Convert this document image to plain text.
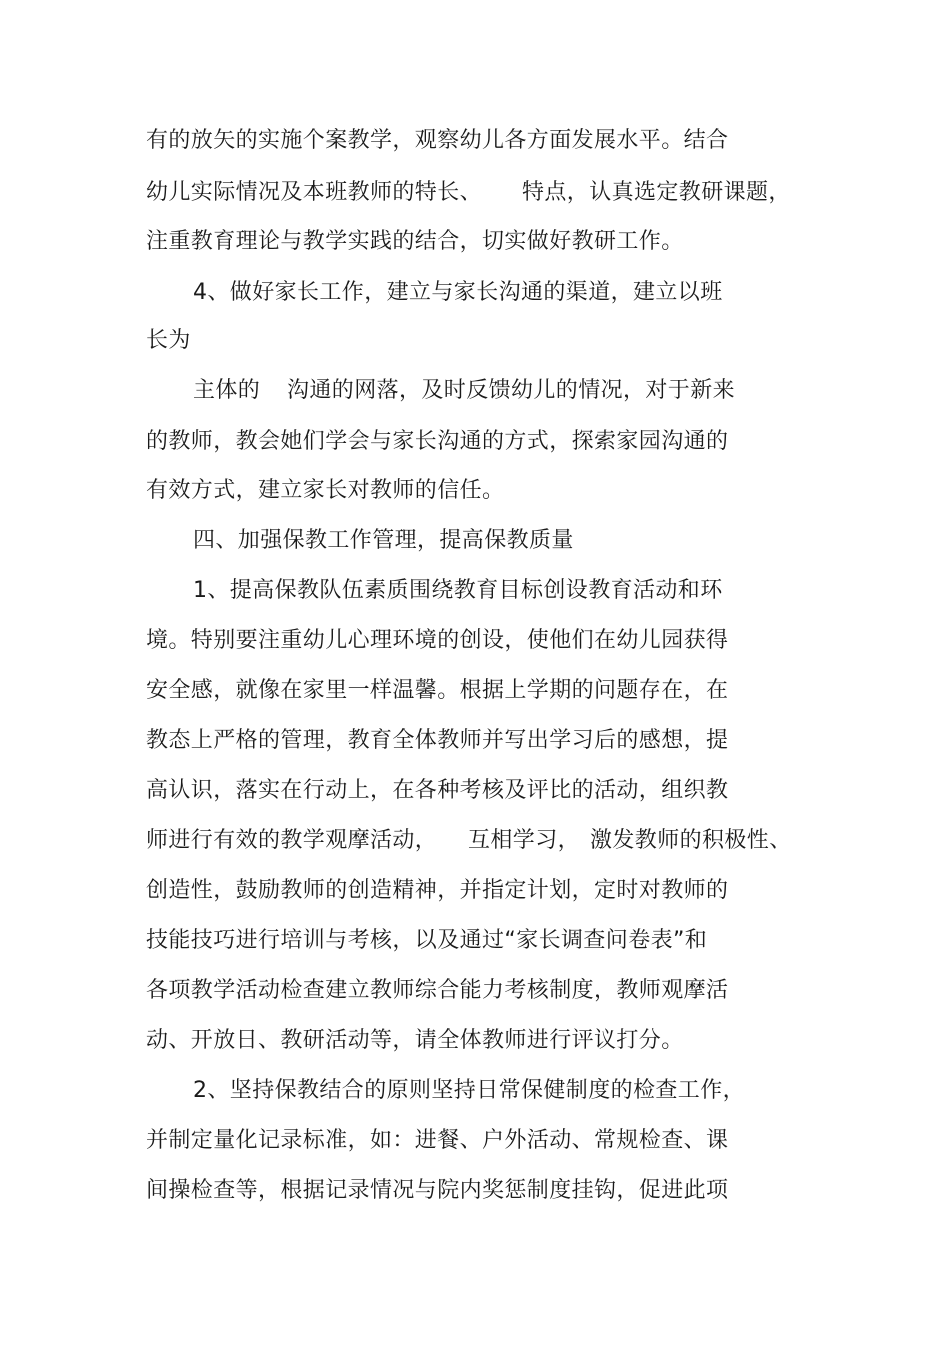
有的放矢的实施个案教学，观察幼儿各方面发展水平。结合
幼儿实际情况及本班教师的特长、 特点，认真选定教研课题，
注重教育理论与教学实践的结合，切实做好教研工作。
4、做好家长工作，建立与家长沟通的渠道，建立以班
长为
主体的 沟通的网落，及时反馈幼儿的情况，对于新来
的教师，教会她们学会与家长沟通的方式，探索家园沟通的
有效方式，建立家长对教师的信任。
四、加强保教工作管理，提高保教质量
1、提高保教队伍素质围绕教育目标创设教育活动和环
境。特别要注重幼儿心理环境的创设，使他们在幼儿园获得
安全感，就像在家里一样温馨。根据上学期的问题存在，在
教态上严格的管理，教育全体教师并写出学习后的感想，提
高认识，落实在行动上，在各种考核及评比的活动，组织教
师进行有效的教学观摩活动， 互相学习， 激发教师的积极性、
创造性，鼓励教师的创造精神，并指定计划，定时对教师的
技能技巧进行培训与考核，以及通过“家长调查问卷表”和
各项教学活动检查建立教师综合能力考核制度，教师观摩活
动、开放日、教研活动等，请全体教师进行评议打分。
2、坚持保教结合的原则坚持日常保健制度的检查工作，
并制定量化记录标准，如：进餐、户外活动、常规检查、课
间操检查等，根据记录情况与院内奖惩制度挂钩，促进此项
